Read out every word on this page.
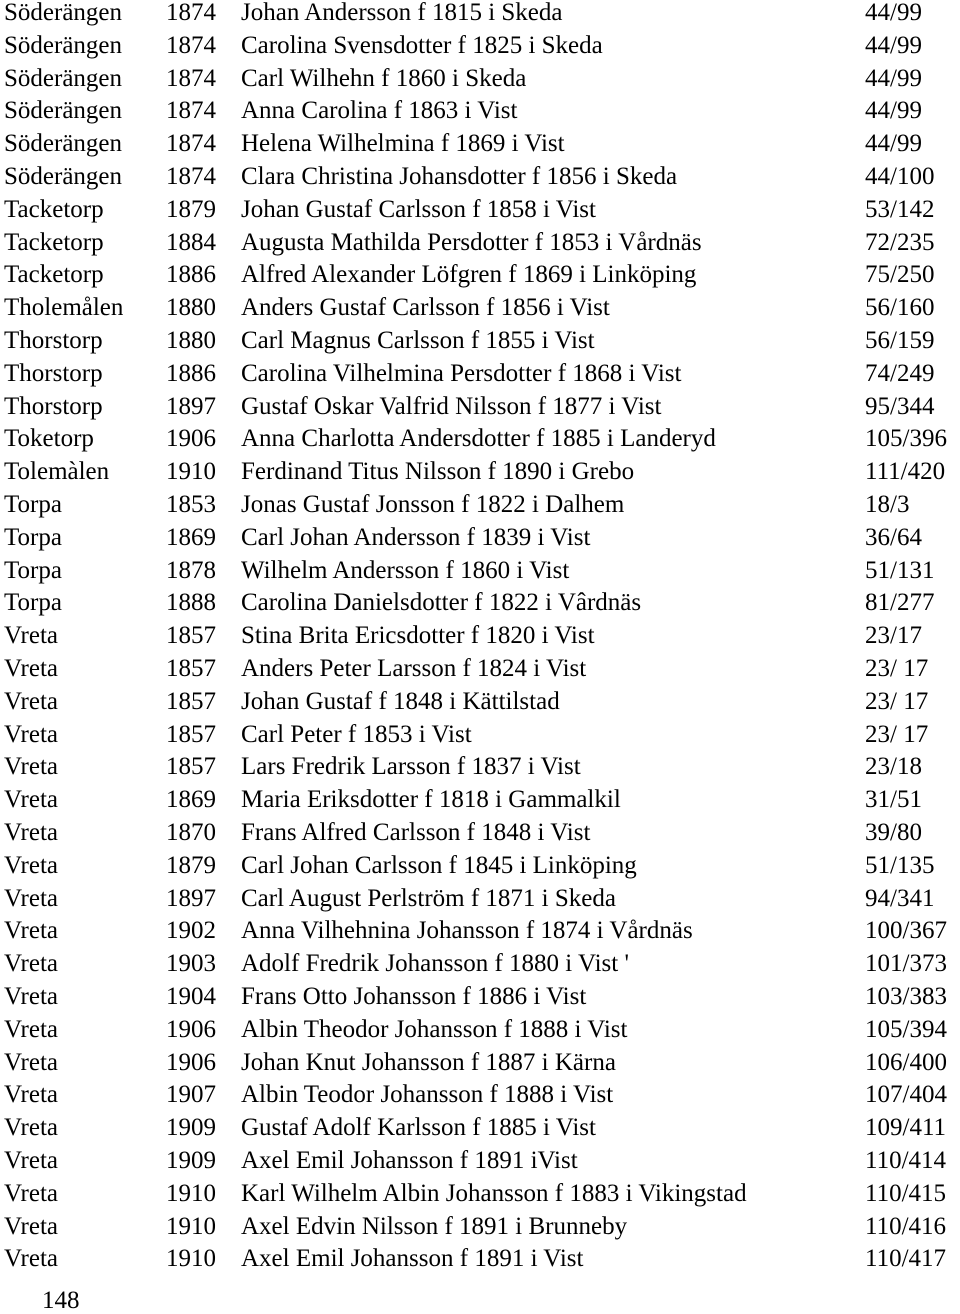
Söderängen 1874 Johan Andersson f 1815 i Skeda	44/99
Söderängen 1874 Carolina Svensdotter f 1825 i Skeda	44/99
Söderängen 1874 Carl Wilhehn f 1860 i Skeda	44/99
Söderängen 1874 Anna Carolina f 1863 i Vist	44/99
Söderängen 1874 Helena Wilhelmina f 1869 i Vist	44/99
Söderängen 1874 Clara Christina Johansdotter f 1856 i Skeda	44/100
Tacketorp 1879 Johan Gustaf Carlsson f 1858 i Vist	53/142
Tacketorp 1884 Augusta Mathilda Persdotter f 1853 i Vårdnäs	72/235
Tacketorp 1886 Alfred Alexander Löfgren f 1869 i Linköping	75/250
Tholemålen 1880 Anders Gustaf Carlsson f 1856 i Vist	56/160
Thorstorp	1880 Carl Magnus Carlsson f 1855 i Vist	56/159
Thorstorp	1886 Carolina Vilhelmina Persdotter f 1868 i Vist	74/249
Thorstorp	1897 Gustaf Oskar Valfrid Nilsson f 1877 i Vist	95/344
Toketorp	1906 Anna Charlotta Andersdotter f 1885 i Landeryd	105/396
Tolemàlen 1910 Ferdinand Titus Nilsson f 1890 i Grebo	111/420
Torpa	1853 Jonas Gustaf Jonsson f 1822 i Dalhem	18/3
Torpa	1869 Carl Johan Andersson f 1839 i Vist	36/64
Torpa	1878 Wilhelm Andersson f 1860 i Vist	51/131
Torpa	1888 Carolina Danielsdotter f 1822 i Vârdnäs	81/277
Vreta	1857 Stina Brita Ericsdotter f 1820 i Vist	23/17
Vreta	1857 Anders Peter Larsson f 1824 i Vist	23/ 17
Vreta	1857 Johan Gustaf f 1848 i Kättilstad	23/ 17
Vreta	1857 Carl Peter f 1853 i Vist	23/ 17
Vreta	1857 Lars Fredrik Larsson f 1837 i Vist	23/18
Vreta	1869 Maria Eriksdotter f 1818 i Gammalkil	31/51
Vreta	1870 Frans Alfred Carlsson f 1848 i Vist	39/80
Vreta	1879 Carl Johan Carlsson f 1845 i Linköping	51/135
Vreta	1897 Carl August Perlström f 1871 i Skeda	94/341
Vreta	1902 Anna Vilhehnina Johansson f 1874 i Vårdnäs	100/367
Vreta	1903 Adolf Fredrik Johansson f 1880 i Vist '	101/373
Vreta	1904 Frans Otto Johansson f 1886 i Vist	103/383
Vreta	1906 Albin Theodor Johansson f 1888 i Vist	105/394
Vreta	1906 Johan Knut Johansson f 1887 i Kärna	106/400
Vreta	1907 Albin Teodor Johansson f 1888 i Vist	107/404
Vreta	1909 Gustaf Adolf Karlsson f 1885 i Vist	109/411
Vreta	1909 Axel Emil Johansson f 1891 iVist	110/414
Vreta	1910 Karl Wilhelm Albin Johansson f 1883 i Vikingstad	110/415
Vreta	1910 Axel Edvin Nilsson f 1891 i Brunneby	110/416
Vreta	1910 Axel Emil Johansson f 1891 i Vist	110/417
148
